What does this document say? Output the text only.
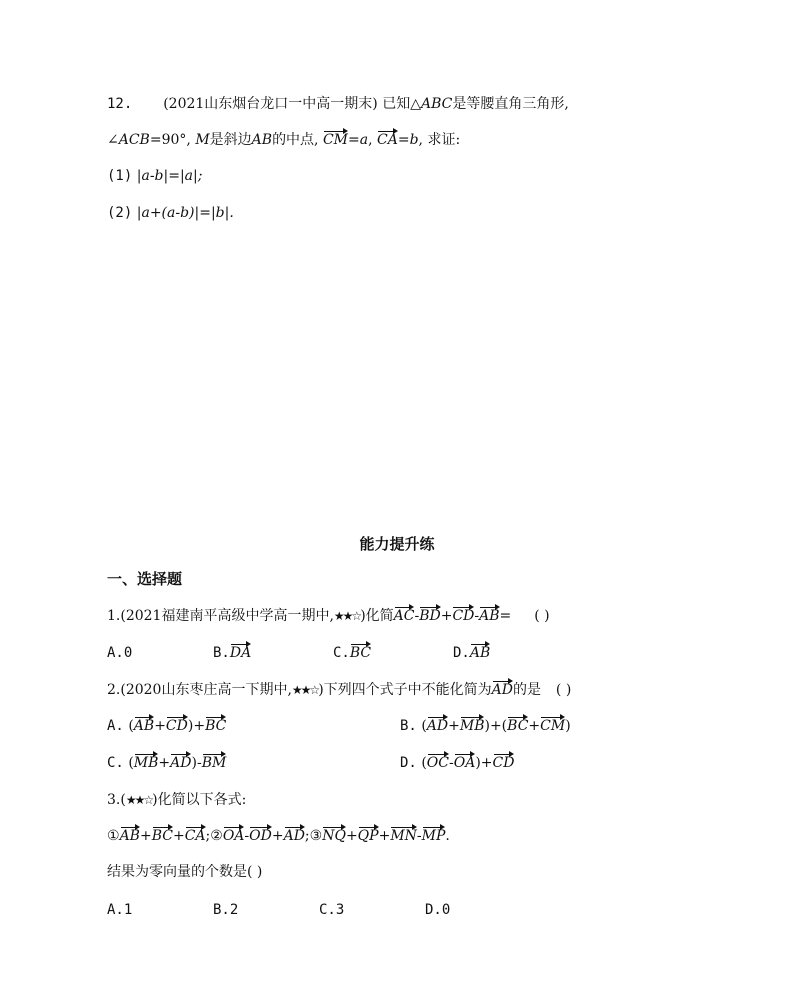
12. (2021山东烟台龙口一中高一期末) 已知△ABC是等腰直角三角形,
∠ACB=90°, M是斜边AB的中点, CM=a, CA=b, 求证:
(1) |a-b|=|a|;
(2) |a+(a-b)|=|b|.
能力提升练
一、选择题
1.(2021福建南平高级中学高一期中,★★☆)化简AC-BD+CD-AB= ( )
A.0	B.DA	C.BC	D.AB
2.(2020山东枣庄高一下期中,★★☆)下列四个式子中不能化简为AD的是 ( )
A. (AB+CD)+BC	B. (AD+MB)+(BC+CM)
C. (MB+AD)-BM	D. (OC-OA)+CD
3.(★★☆)化简以下各式:
①AB+BC+CA;②OA-OD+AD;③NQ+QP+MN-MP.
结果为零向量的个数是( )
A.1	B.2	C.3	D.0
